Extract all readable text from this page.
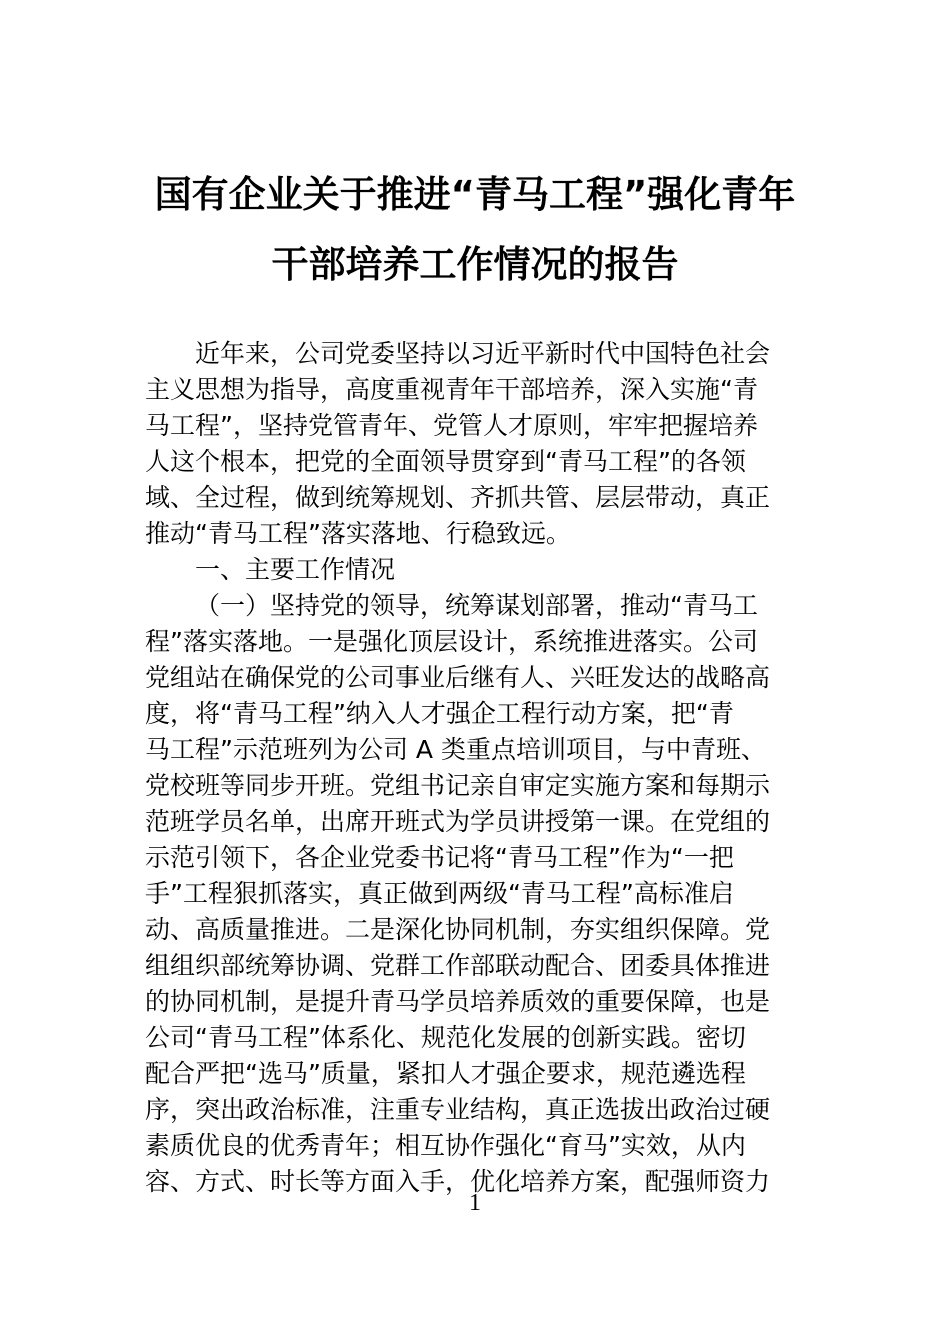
国有企业关于推进“青马工程”强化青年
干部培养工作情况的报告
近年来，公司党委坚持以习近平新时代中国特色社会
主义思想为指导，高度重视青年干部培养，深入实施“青
马工程”，坚持党管青年、党管人才原则，牢牢把握培养
人这个根本，把党的全面领导贯穿到“青马工程”的各领
域、全过程，做到统筹规划、齐抓共管、层层带动，真正
推动“青马工程”落实落地、行稳致远。
一、主要工作情况
（一）坚持党的领导，统筹谋划部署，推动“青马工
程”落实落地。一是强化顶层设计，系统推进落实。公司
党组站在确保党的公司事业后继有人、兴旺发达的战略高
度，将“青马工程”纳入人才强企工程行动方案，把“青
马工程”示范班列为公司 A 类重点培训项目，与中青班、
党校班等同步开班。党组书记亲自审定实施方案和每期示
范班学员名单，出席开班式为学员讲授第一课。在党组的
示范引领下，各企业党委书记将“青马工程”作为“一把
手”工程狠抓落实，真正做到两级“青马工程”高标准启
动、高质量推进。二是深化协同机制，夯实组织保障。党
组组织部统筹协调、党群工作部联动配合、团委具体推进
的协同机制，是提升青马学员培养质效的重要保障，也是
公司“青马工程”体系化、规范化发展的创新实践。密切
配合严把“选马”质量，紧扣人才强企要求，规范遴选程
序，突出政治标准，注重专业结构，真正选拔出政治过硬
素质优良的优秀青年；相互协作强化“育马”实效，从内
容、方式、时长等方面入手，优化培养方案，配强师资力
1
